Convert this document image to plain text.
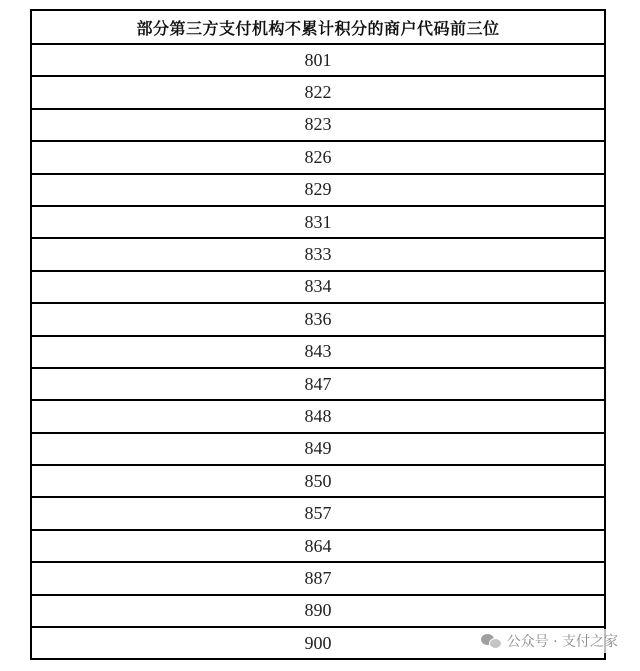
部分第三方支付机构不累计积分的商户代码前三位
801
822
823
826
829
831
833
834
836
843
847
848
849
850
857
864
887
890
900	公众号 · 支付之家
